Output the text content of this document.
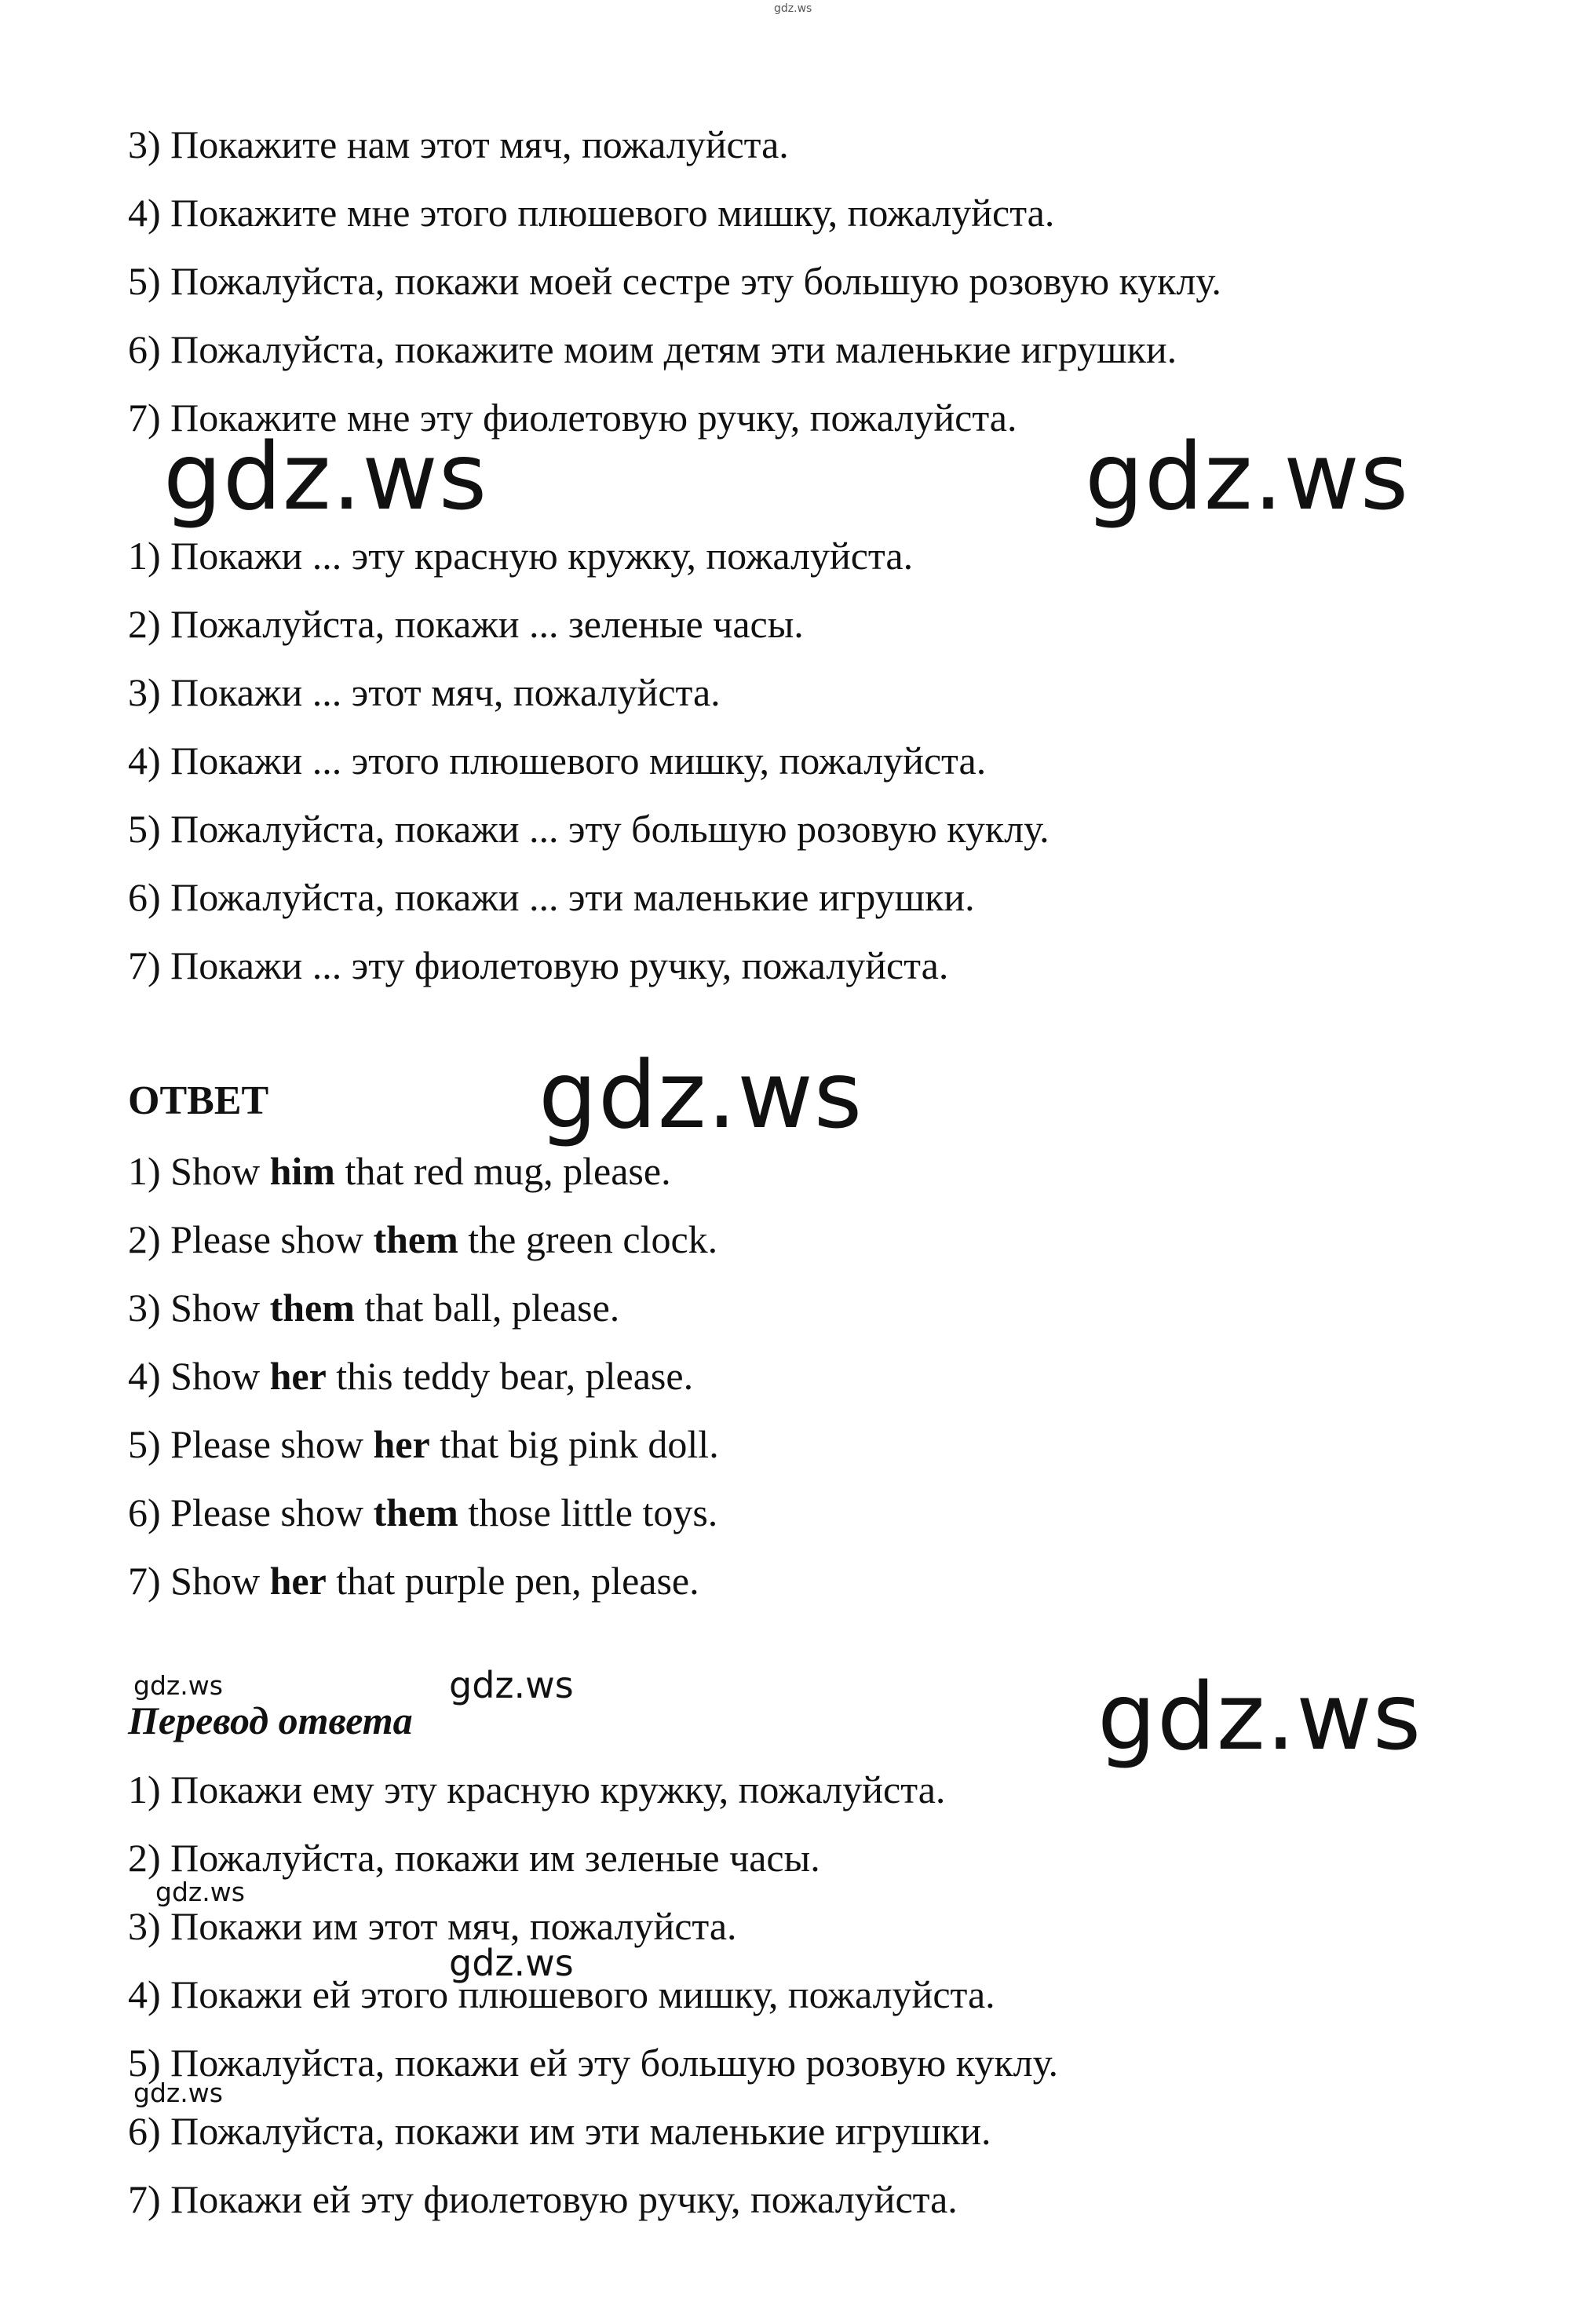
gdz.ws
3) Покажите нам этот мяч, пожалуйста.
4) Покажите мне этого плюшевого мишку, пожалуйста.
5) Пожалуйста, покажи моей сестре эту большую розовую куклу.
6) Пожалуйста, покажите моим детям эти маленькие игрушки.
7) Покажите мне эту фиолетовую ручку, пожалуйста.
gdz.ws	gdz.ws
1) Покажи ... эту красную кружку, пожалуйста.
2) Пожалуйста, покажи ... зеленые часы.
3) Покажи ... этот мяч, пожалуйста.
4) Покажи ... этого плюшевого мишку, пожалуйста.
5) Пожалуйста, покажи ... эту большую розовую куклу.
6) Пожалуйста, покажи ... эти маленькие игрушки.
7) Покажи ... эту фиолетовую ручку, пожалуйста.
ОТВЕТ	gdz.ws
1) Show him that red mug, please.
2) Please show them the green clock.
3) Show them that ball, please.
4) Show her this teddy bear, please.
5) Please show her that big pink doll.
6) Please show them those little toys.
7) Show her that purple pen, please.
gdz.ws	gdz.ws	gdz.ws
Перевод ответа
1) Покажи ему эту красную кружку, пожалуйста.
2) Пожалуйста, покажи им зеленые часы.
gdz.ws
3) Покажи им этот мяч, пожалуйста.
gdz.ws
4) Покажи ей этого плюшевого мишку, пожалуйста.
5) Пожалуйста, покажи ей эту большую розовую куклу.
gdz.ws
6) Пожалуйста, покажи им эти маленькие игрушки.
7) Покажи ей эту фиолетовую ручку, пожалуйста.
